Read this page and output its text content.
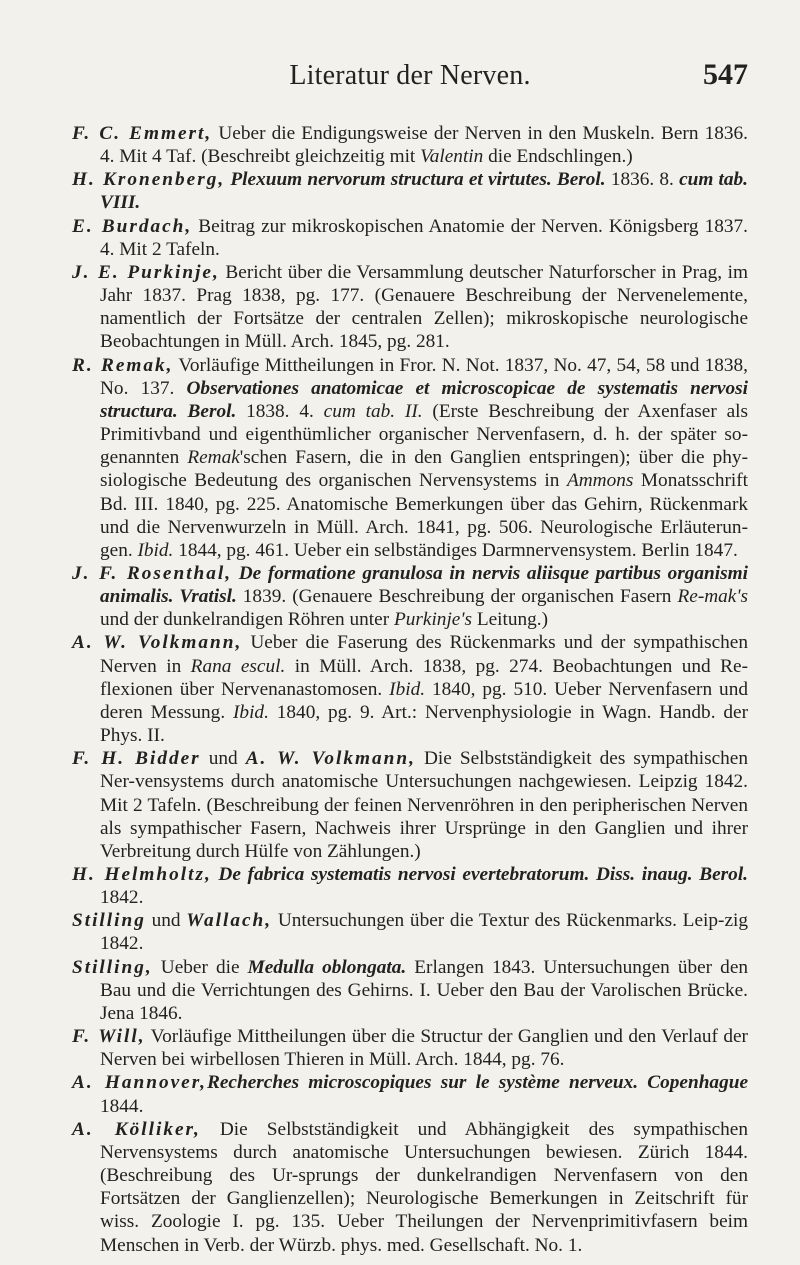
Literatur der Nerven.	547

F. C. Emmert, Ueber die Endigungsweise der Nerven in den Muskeln. Bern 1836. 4. Mit 4 Taf. (Beschreibt gleichzeitig mit Valentin die Endschlingen.)

H. Kronenberg, Plexuum nervorum structura et virtutes. Berol. 1836. 8. cum tab. VIII.

E. Burdach, Beitrag zur mikroskopischen Anatomie der Nerven. Königsberg 1837. 4. Mit 2 Tafeln.

J. E. Purkinje, Bericht über die Versammlung deutscher Naturforscher in Prag, im Jahr 1837. Prag 1838, pg. 177. (Genauere Beschreibung der Nervenelemente, namentlich der Fortsätze der centralen Zellen); mikroskopische neurologische Beobachtungen in Müll. Arch. 1845, pg. 281.

R. Remak, Vorläufige Mittheilungen in Fror. N. Not. 1837, No. 47, 54, 58 und 1838, No. 137. Observationes anatomicae et microscopicae de systematis nervosi structura. Berol. 1838. 4. cum tab. II. (Erste Beschreibung der Axenfaser als Primitivband und eigenthümlicher organischer Nervenfasern, d. h. der später so-genannten Remak'schen Fasern, die in den Ganglien entspringen); über die phy-siologische Bedeutung des organischen Nervensystems in Ammons Monatsschrift Bd. III. 1840, pg. 225. Anatomische Bemerkungen über das Gehirn, Rückenmark und die Nervenwurzeln in Müll. Arch. 1841, pg. 506. Neurologische Erläuterun-gen. Ibid. 1844, pg. 461. Ueber ein selbständiges Darmnervensystem. Berlin 1847.

J. F. Rosenthal, De formatione granulosa in nervis aliisque partibus organismi animalis. Vratisl. 1839. (Genauere Beschreibung der organischen Fasern Re-mak's und der dunkelrandigen Röhren unter Purkinje's Leitung.)

A. W. Volkmann, Ueber die Faserung des Rückenmarks und der sympathischen Nerven in Rana escul. in Müll. Arch. 1838, pg. 274. Beobachtungen und Re-flexionen über Nervenanastomosen. Ibid. 1840, pg. 510. Ueber Nervenfasern und deren Messung. Ibid. 1840, pg. 9. Art.: Nervenphysiologie in Wagn. Handb. der Phys. II.

F. H. Bidder und A. W. Volkmann, Die Selbstständigkeit des sympathischen Ner-vensystems durch anatomische Untersuchungen nachgewiesen. Leipzig 1842. Mit 2 Tafeln. (Beschreibung der feinen Nervenröhren in den peripherischen Nerven als sympathischer Fasern, Nachweis ihrer Ursprünge in den Ganglien und ihrer Verbreitung durch Hülfe von Zählungen.)

H. Helmholtz, De fabrica systematis nervosi evertebratorum. Diss. inaug. Berol. 1842.

Stilling und Wallach, Untersuchungen über die Textur des Rückenmarks. Leip-zig 1842.

Stilling, Ueber die Medulla oblongata. Erlangen 1843. Untersuchungen über den Bau und die Verrichtungen des Gehirns. I. Ueber den Bau der Varolischen Brücke. Jena 1846.

F. Will, Vorläufige Mittheilungen über die Structur der Ganglien und den Verlauf der Nerven bei wirbellosen Thieren in Müll. Arch. 1844, pg. 76.

A. Hannover,Recherches microscopiques sur le système nerveux. Copenhague 1844.

A. Kölliker, Die Selbstständigkeit und Abhängigkeit des sympathischen Nervensystems durch anatomische Untersuchungen bewiesen. Zürich 1844. (Beschreibung des Ur-sprungs der dunkelrandigen Nervenfasern von den Fortsätzen der Ganglienzellen); Neurologische Bemerkungen in Zeitschrift für wiss. Zoologie I. pg. 135. Ueber Theilungen der Nervenprimitivfasern beim Menschen in Verb. der Würzb. phys. med. Gesellschaft. No. 1.
